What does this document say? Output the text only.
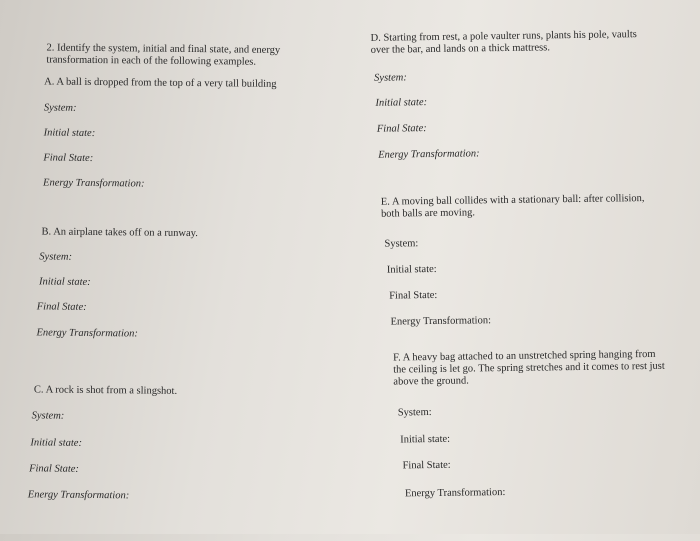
2. Identify the system, initial and final state, and energy
transformation in each of the following examples.
A. A ball is dropped from the top of a very tall building
System:
Initial state:
Final State:
Energy Transformation:
B. An airplane takes off on a runway.
System:
Initial state:
Final State:
Energy Transformation:
C. A rock is shot from a slingshot.
System:
Initial state:
Final State:
Energy Transformation:
D. Starting from rest, a pole vaulter runs, plants his pole, vaults
over the bar, and lands on a thick mattress.
System:
Initial state:
Final State:
Energy Transformation:
E. A moving ball collides with a stationary ball: after collision,
both balls are moving.
System:
Initial state:
Final State:
Energy Transformation:
F. A heavy bag attached to an unstretched spring hanging from
the ceiling is let go. The spring stretches and it comes to rest just
above the ground.
System:
Initial state:
Final State:
Energy Transformation:
